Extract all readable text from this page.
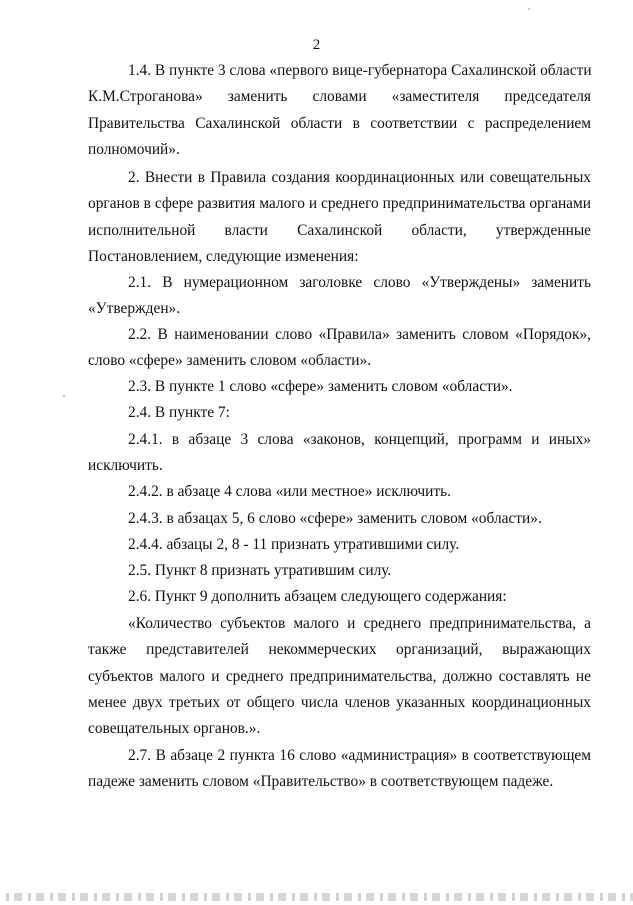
2
1.4. В пункте 3 слова «первого вице-губернатора Сахалинской области
К.М.Строганова» заменить словами «заместителя председателя
Правительства Сахалинской области в соответствии с распределением
полномочий».
2. Внести в Правила создания координационных или совещательных
органов в сфере развития малого и среднего предпринимательства органами
исполнительной власти Сахалинской области, утвержденные
Постановлением, следующие изменения:
2.1. В нумерационном заголовке слово «Утверждены» заменить
«Утвержден».
2.2. В наименовании слово «Правила» заменить словом «Порядок»,
слово «сфере» заменить словом «области».
2.3. В пункте 1 слово «сфере» заменить словом «области».
2.4. В пункте 7:
2.4.1. в абзаце 3 слова «законов, концепций, программ и иных»
исключить.
2.4.2. в абзаце 4 слова «или местное» исключить.
2.4.3. в абзацах 5, 6 слово «сфере» заменить словом «области».
2.4.4. абзацы 2, 8 - 11 признать утратившими силу.
2.5. Пункт 8 признать утратившим силу.
2.6. Пункт 9 дополнить абзацем следующего содержания:
«Количество субъектов малого и среднего предпринимательства, а
также представителей некоммерческих организаций, выражающих
субъектов малого и среднего предпринимательства, должно составлять не
менее двух третьих от общего числа членов указанных координационных
совещательных органов.».
2.7. В абзаце 2 пункта 16 слово «администрация» в соответствующем
падеже заменить словом «Правительство» в соответствующем падеже.
